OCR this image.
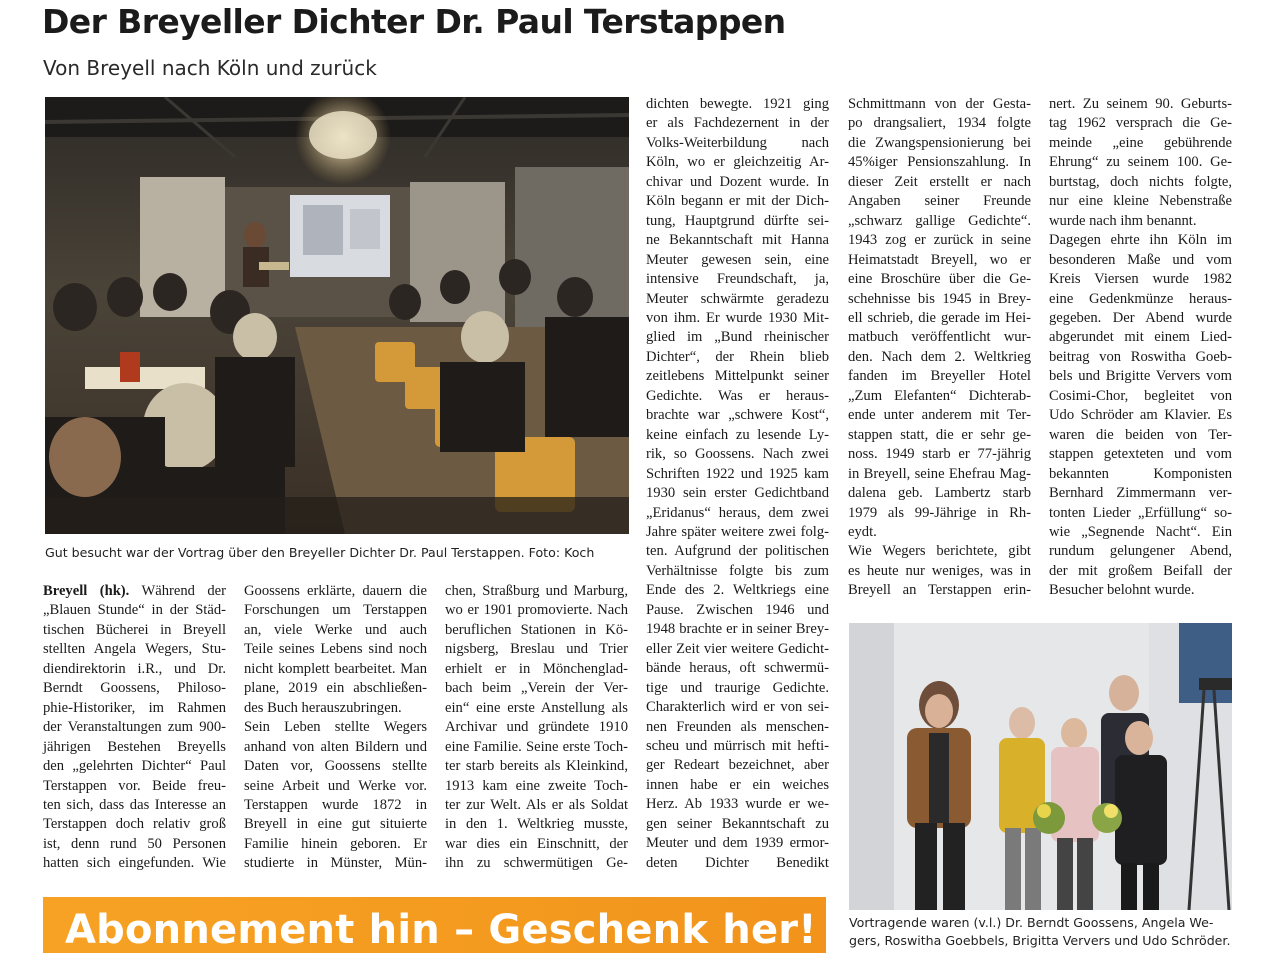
Der Breyeller Dichter Dr. Paul Terstappen
Von Breyell nach Köln und zurück
Gut besucht war der Vortrag über den Breyeller Dichter Dr. Paul Terstappen. Foto: Koch
Breyell (hk). Während der
„Blauen Stunde“ in der Städ-
tischen Bücherei in Breyell
stellten Angela Wegers, Stu-
diendirektorin i.R., und Dr.
Berndt Goossens, Philoso-
phie-Historiker, im Rahmen
der Veranstaltungen zum 900-
jährigen Bestehen Breyells
den „gelehrten Dichter“ Paul
Terstappen vor. Beide freu-
ten sich, dass das Interesse an
Terstappen doch relativ groß
ist, denn rund 50 Personen
hatten sich eingefunden. Wie
Goossens erklärte, dauern die
Forschungen um Terstappen
an, viele Werke und auch
Teile seines Lebens sind noch
nicht komplett bearbeitet. Man
plane, 2019 ein abschließen-
des Buch herauszubringen.
Sein Leben stellte Wegers
anhand von alten Bildern und
Daten vor, Goossens stellte
seine Arbeit und Werke vor.
Terstappen wurde 1872 in
Breyell in eine gut situierte
Familie hinein geboren. Er
studierte in Münster, Mün-
chen, Straßburg und Marburg,
wo er 1901 promovierte. Nach
beruflichen Stationen in Kö-
nigsberg, Breslau und Trier
erhielt er in Mönchenglad-
bach beim „Verein der Ver-
ein“ eine erste Anstellung als
Archivar und gründete 1910
eine Familie. Seine erste Toch-
ter starb bereits als Kleinkind,
1913 kam eine zweite Toch-
ter zur Welt. Als er als Soldat
in den 1. Weltkrieg musste,
war dies ein Einschnitt, der
ihn zu schwermütigen Ge-
dichten bewegte. 1921 ging
er als Fachdezernent in der
Volks-Weiterbildung nach
Köln, wo er gleichzeitig Ar-
chivar und Dozent wurde. In
Köln begann er mit der Dich-
tung, Hauptgrund dürfte sei-
ne Bekanntschaft mit Hanna
Meuter gewesen sein, eine
intensive Freundschaft, ja,
Meuter schwärmte geradezu
von ihm. Er wurde 1930 Mit-
glied im „Bund rheinischer
Dichter“, der Rhein blieb
zeitlebens Mittelpunkt seiner
Gedichte. Was er heraus-
brachte war „schwere Kost“,
keine einfach zu lesende Ly-
rik, so Goossens. Nach zwei
Schriften 1922 und 1925 kam
1930 sein erster Gedichtband
„Eridanus“ heraus, dem zwei
Jahre später weitere zwei folg-
ten. Aufgrund der politischen
Verhältnisse folgte bis zum
Ende des 2. Weltkriegs eine
Pause. Zwischen 1946 und
1948 brachte er in seiner Brey-
eller Zeit vier weitere Gedicht-
bände heraus, oft schwermü-
tige und traurige Gedichte.
Charakterlich wird er von sei-
nen Freunden als menschen-
scheu und mürrisch mit hefti-
ger Redeart bezeichnet, aber
innen habe er ein weiches
Herz. Ab 1933 wurde er we-
gen seiner Bekanntschaft zu
Meuter und dem 1939 ermor-
deten Dichter Benedikt
Schmittmann von der Gesta-
po drangsaliert, 1934 folgte
die Zwangspensionierung bei
45%iger Pensionszahlung. In
dieser Zeit erstellt er nach
Angaben seiner Freunde
„schwarz gallige Gedichte“.
1943 zog er zurück in seine
Heimatstadt Breyell, wo er
eine Broschüre über die Ge-
schehnisse bis 1945 in Brey-
ell schrieb, die gerade im Hei-
matbuch veröffentlicht wur-
den. Nach dem 2. Weltkrieg
fanden im Breyeller Hotel
„Zum Elefanten“ Dichterab-
ende unter anderem mit Ter-
stappen statt, die er sehr ge-
noss. 1949 starb er 77-jährig
in Breyell, seine Ehefrau Mag-
dalena geb. Lambertz starb
1979 als 99-Jährige in Rh-
eydt.
Wie Wegers berichtete, gibt
es heute nur weniges, was in
Breyell an Terstappen erin-
nert. Zu seinem 90. Geburts-
tag 1962 versprach die Ge-
meinde „eine gebührende
Ehrung“ zu seinem 100. Ge-
burtstag, doch nichts folgte,
nur eine kleine Nebenstraße
wurde nach ihm benannt.
Dagegen ehrte ihn Köln im
besonderen Maße und vom
Kreis Viersen wurde 1982
eine Gedenkmünze heraus-
gegeben. Der Abend wurde
abgerundet mit einem Lied-
beitrag von Roswitha Goeb-
bels und Brigitte Ververs vom
Cosimi-Chor, begleitet von
Udo Schröder am Klavier. Es
waren die beiden von Ter-
stappen getexteten und vom
bekannten Komponisten
Bernhard Zimmermann ver-
tonten Lieder „Erfüllung“ so-
wie „Segnende Nacht“. Ein
rundum gelungener Abend,
der mit großem Beifall der
Besucher belohnt wurde.
Vortragende waren (v.l.) Dr. Berndt Goossens, Angela We-
gers, Roswitha Goebbels, Brigitta Ververs und Udo Schröder.
Abonnement hin – Geschenk her!
